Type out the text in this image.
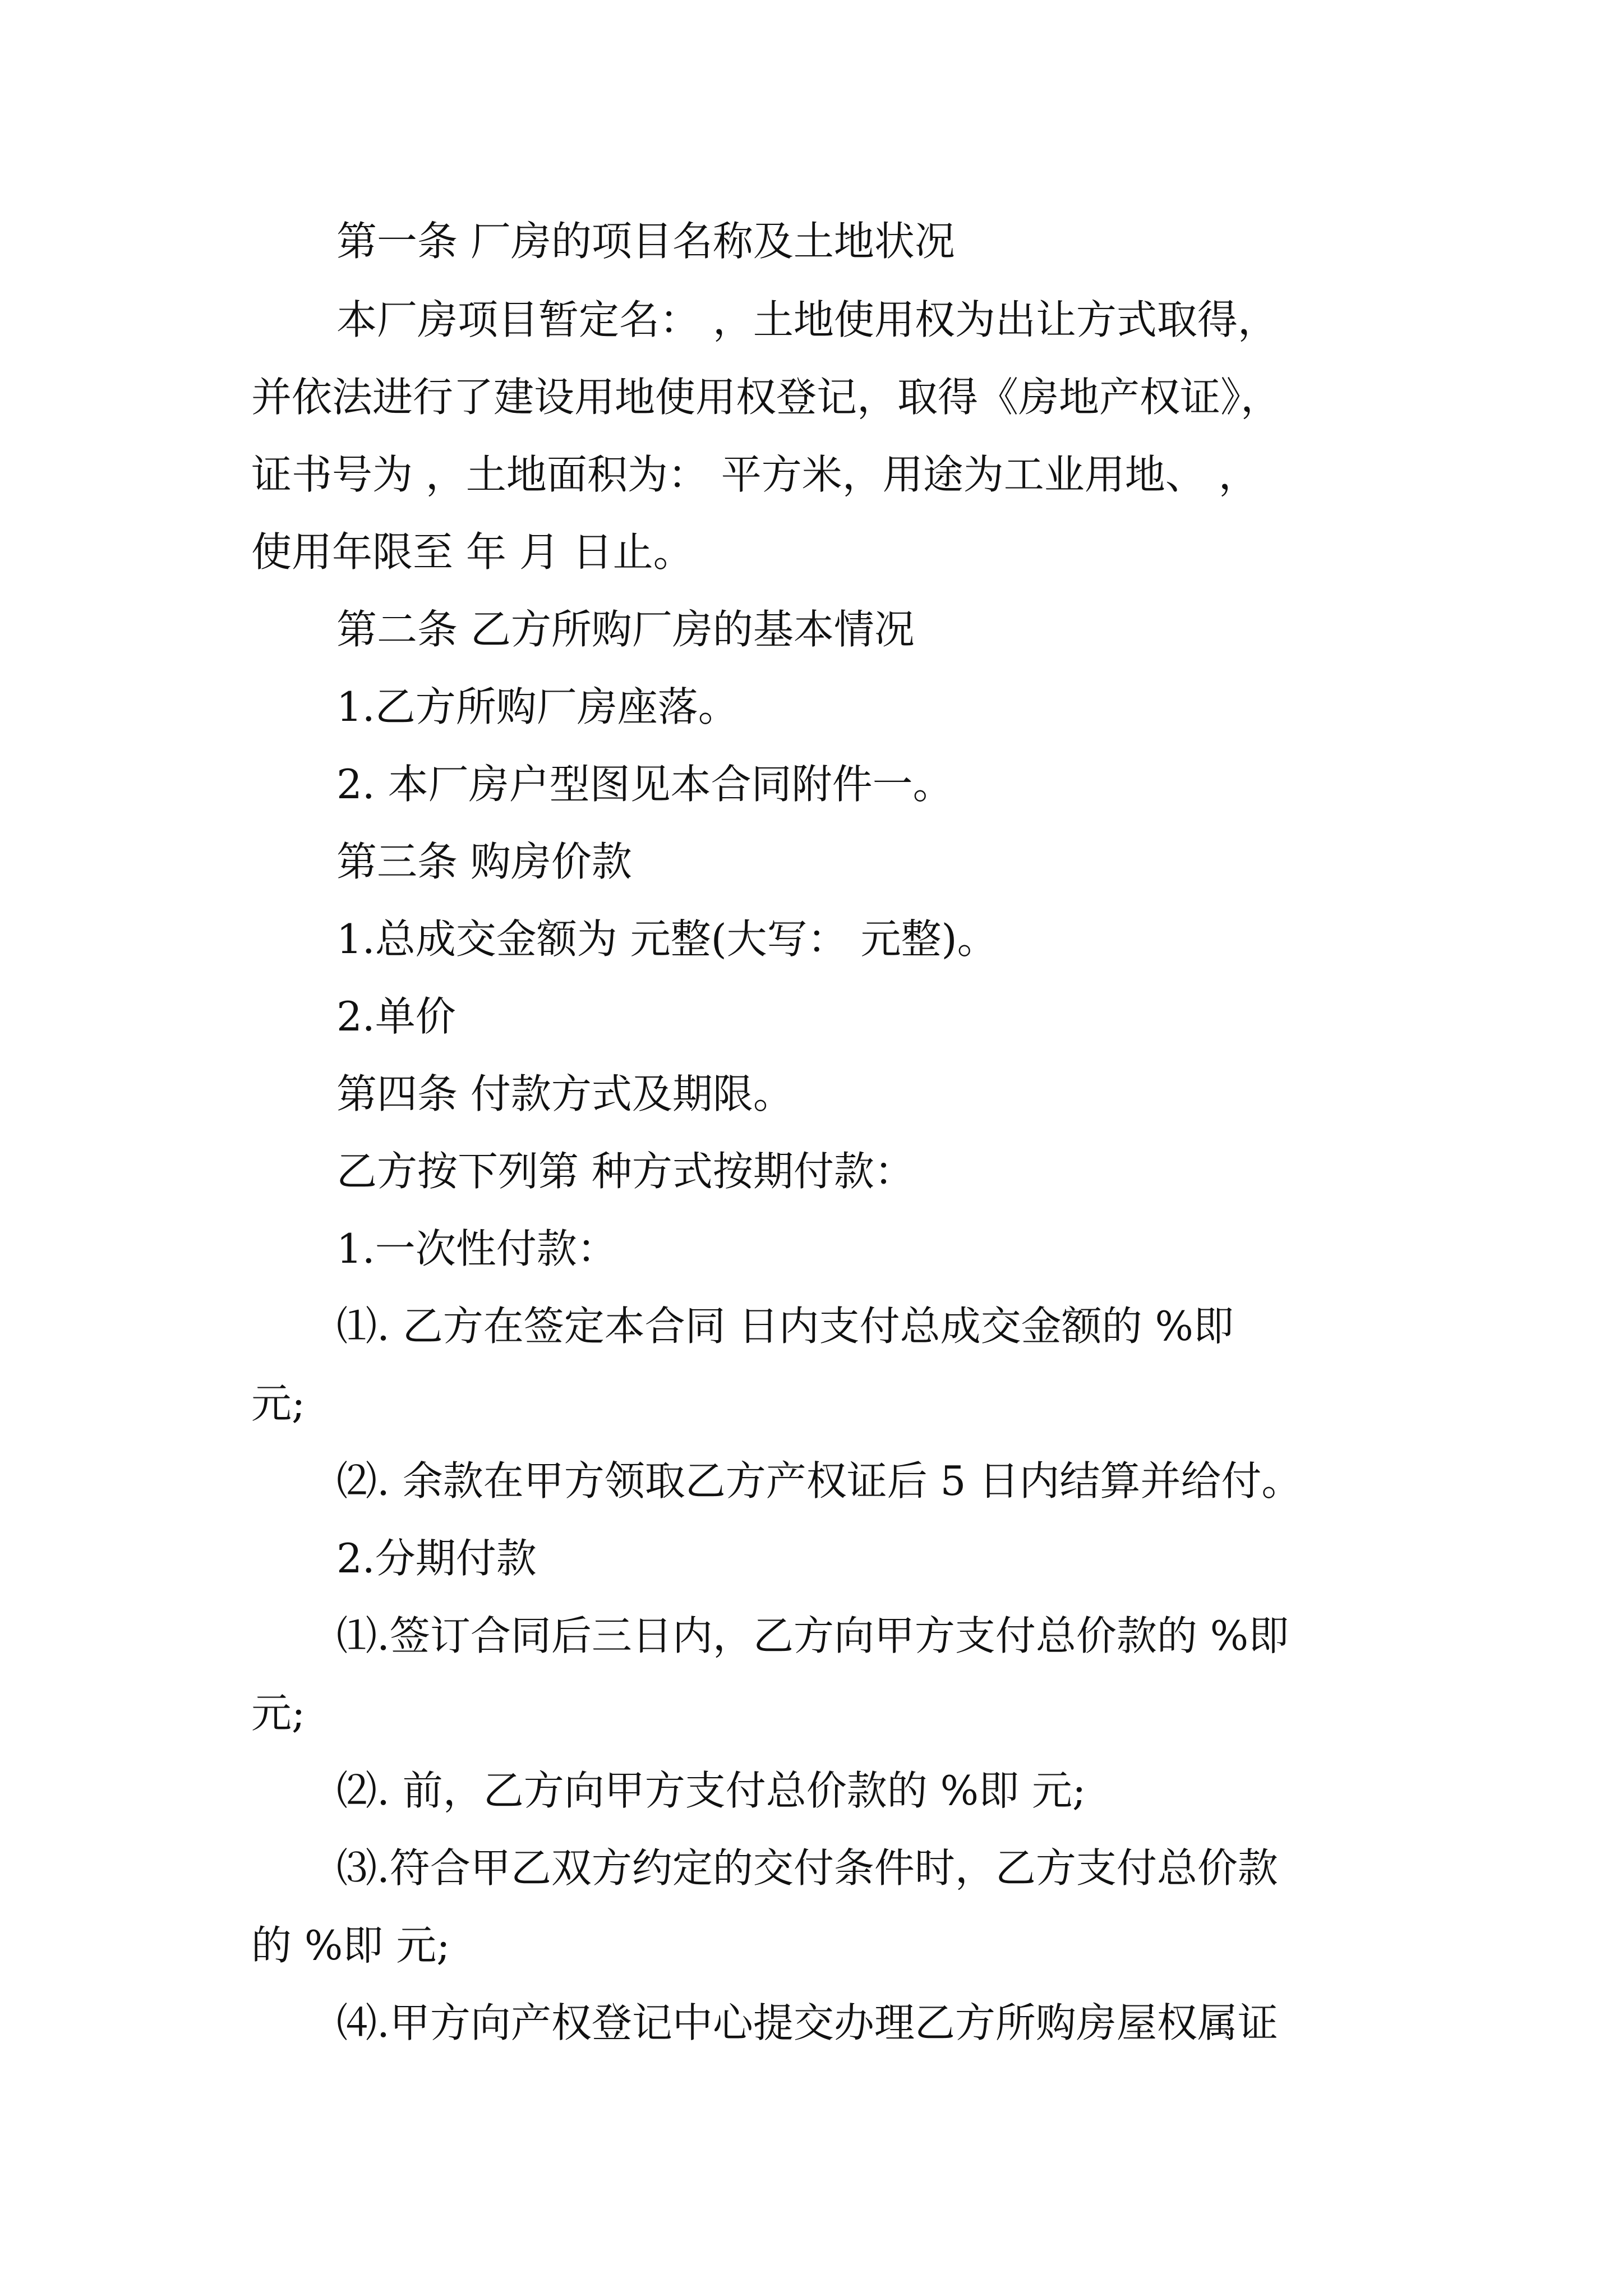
第一条 厂房的项目名称及土地状况
本厂房项目暂定名： ，土地使用权为出让方式取得，
并依法进行了建设用地使用权登记，取得《房地产权证》，
证书号为 ，土地面积为： 平方米，用途为工业用地、 ，
使用年限至 年 月 日止。
第二条 乙方所购厂房的基本情况
1.乙方所购厂房座落。
2. 本厂房户型图见本合同附件一。
第三条 购房价款
1.总成交金额为 元整(大写： 元整)。
2.单价
第四条 付款方式及期限。
乙方按下列第 种方式按期付款：
1.一次性付款：
⑴. 乙方在签定本合同 日内支付总成交金额的 %即
元;
⑵. 余款在甲方领取乙方产权证后 5 日内结算并给付。
2.分期付款
⑴.签订合同后三日内，乙方向甲方支付总价款的 %即
元;
⑵. 前，乙方向甲方支付总价款的 %即 元;
⑶.符合甲乙双方约定的交付条件时，乙方支付总价款
的 %即 元;
⑷.甲方向产权登记中心提交办理乙方所购房屋权属证
